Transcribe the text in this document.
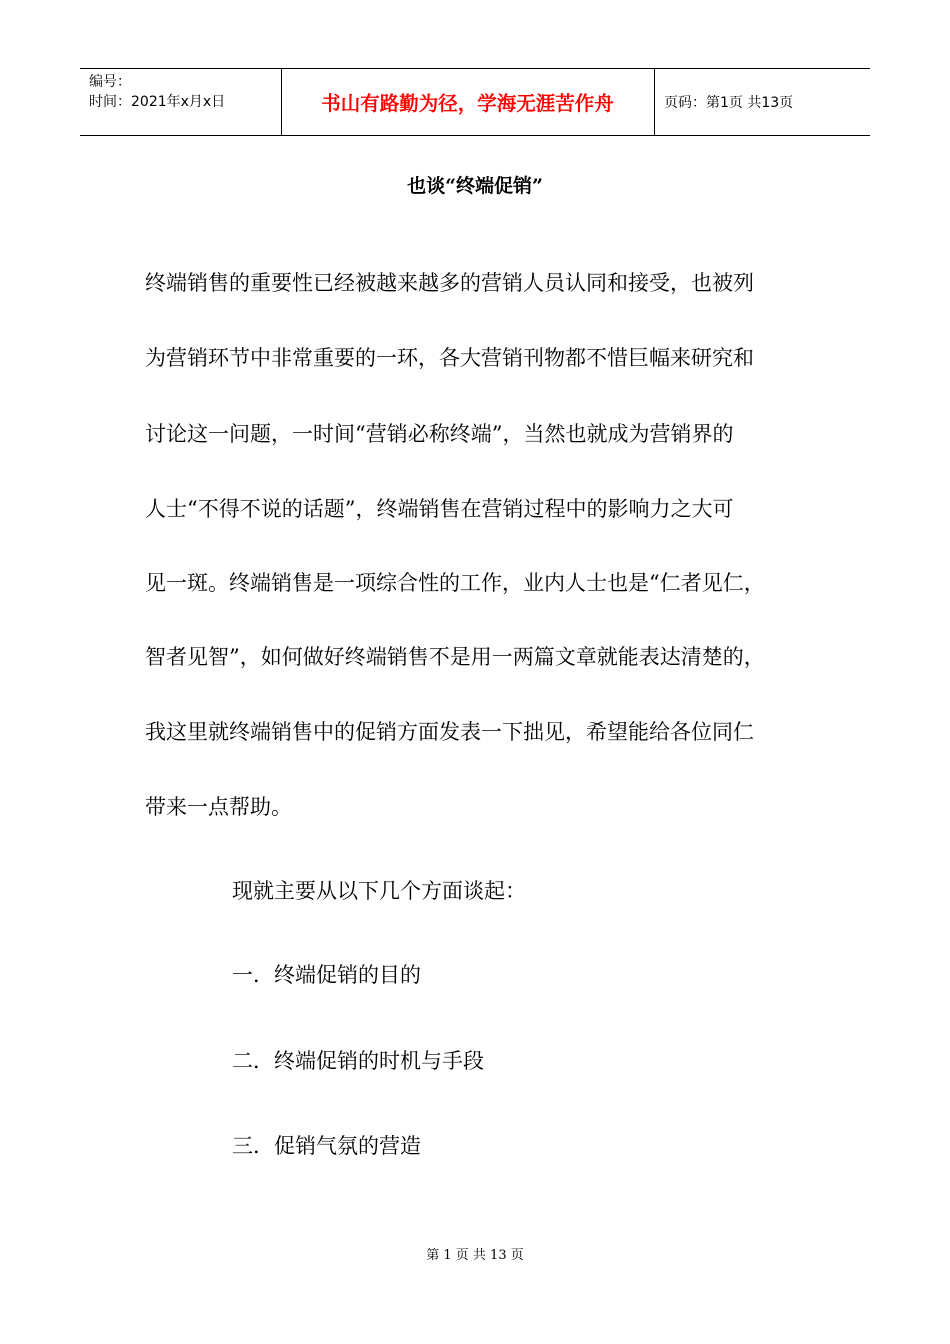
编号：
时间：2021年x月x日	书山有路勤为径，学海无涯苦作舟	页码：第1页 共13页
也谈“终端促销”
终端销售的重要性已经被越来越多的营销人员认同和接受，也被列
为营销环节中非常重要的一环，各大营销刊物都不惜巨幅来研究和
讨论这一问题，一时间“营销必称终端”，当然也就成为营销界的
人士“不得不说的话题”，终端销售在营销过程中的影响力之大可
见一斑。终端销售是一项综合性的工作，业内人士也是“仁者见仁，
智者见智”，如何做好终端销售不是用一两篇文章就能表达清楚的，
我这里就终端销售中的促销方面发表一下拙见，希望能给各位同仁
带来一点帮助。
现就主要从以下几个方面谈起：
一．终端促销的目的
二．终端促销的时机与手段
三．促销气氛的营造
第 1 页 共 13 页
